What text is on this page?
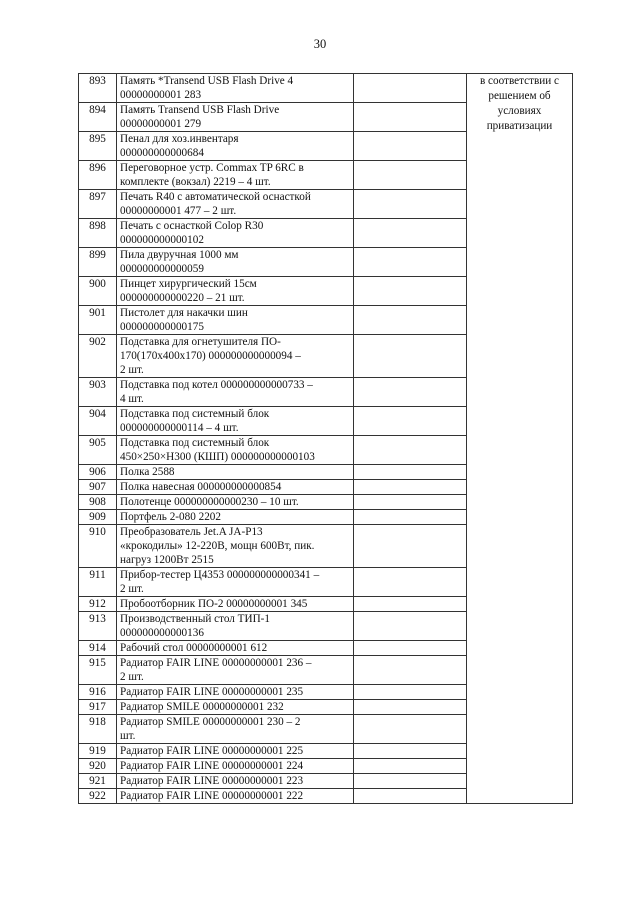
30
893	Память *Transend USB Flash Drive 4
00000000001 283		в соответствии с решением об условиях приватизации
894	Память Transend USB Flash Drive
00000000001 279		

895	Пенал для хоз.инвентаря
000000000000684		

896	Переговорное устр. Commax TP 6RC в
комплекте (вокзал) 2219 – 4 шт.		

897	Печать R40 с автоматической оснасткой
00000000001 477 – 2 шт.		

898	Печать с оснасткой Colop R30
000000000000102		

899	Пила двуручная 1000 мм
000000000000059		

900	Пинцет хирургический 15см
000000000000220 – 21 шт.		

901	Пистолет для накачки шин
000000000000175		

902	Подставка для огнетушителя ПО-
170(170х400х170) 000000000000094 –
2 шт.		

903	Подставка под котел 000000000000733 –
4 шт.		

904	Подставка под системный блок
000000000000114 – 4 шт.		

905	Подставка под системный блок
450×250×Н300 (КШП) 000000000000103		

906	Полка 2588		

907	Полка навесная 000000000000854		

908	Полотенце 000000000000230 – 10 шт.		

909	Портфель 2-080 2202		

910	Преобразователь Jet.A JA-P13
«крокодилы» 12-220В, мощн 600Вт, пик.
нагруз 1200Вт 2515		

911	Прибор-тестер Ц4353 000000000000341 –
2 шт.		

912	Пробоотборник ПО-2 00000000001 345		

913	Производственный стол ТИП-1
000000000000136		

914	Рабочий стол 00000000001 612		

915	Радиатор FAIR LINE 00000000001 236 –
2 шт.		

916	Радиатор FAIR LINE 00000000001 235		

917	Радиатор SMILE 00000000001 232		

918	Радиатор SMILE 00000000001 230 – 2
шт.		

919	Радиатор FAIR LINE 00000000001 225		

920	Радиатор FAIR LINE 00000000001 224		

921	Радиатор FAIR LINE 00000000001 223		

922	Радиатор FAIR LINE 00000000001 222		
